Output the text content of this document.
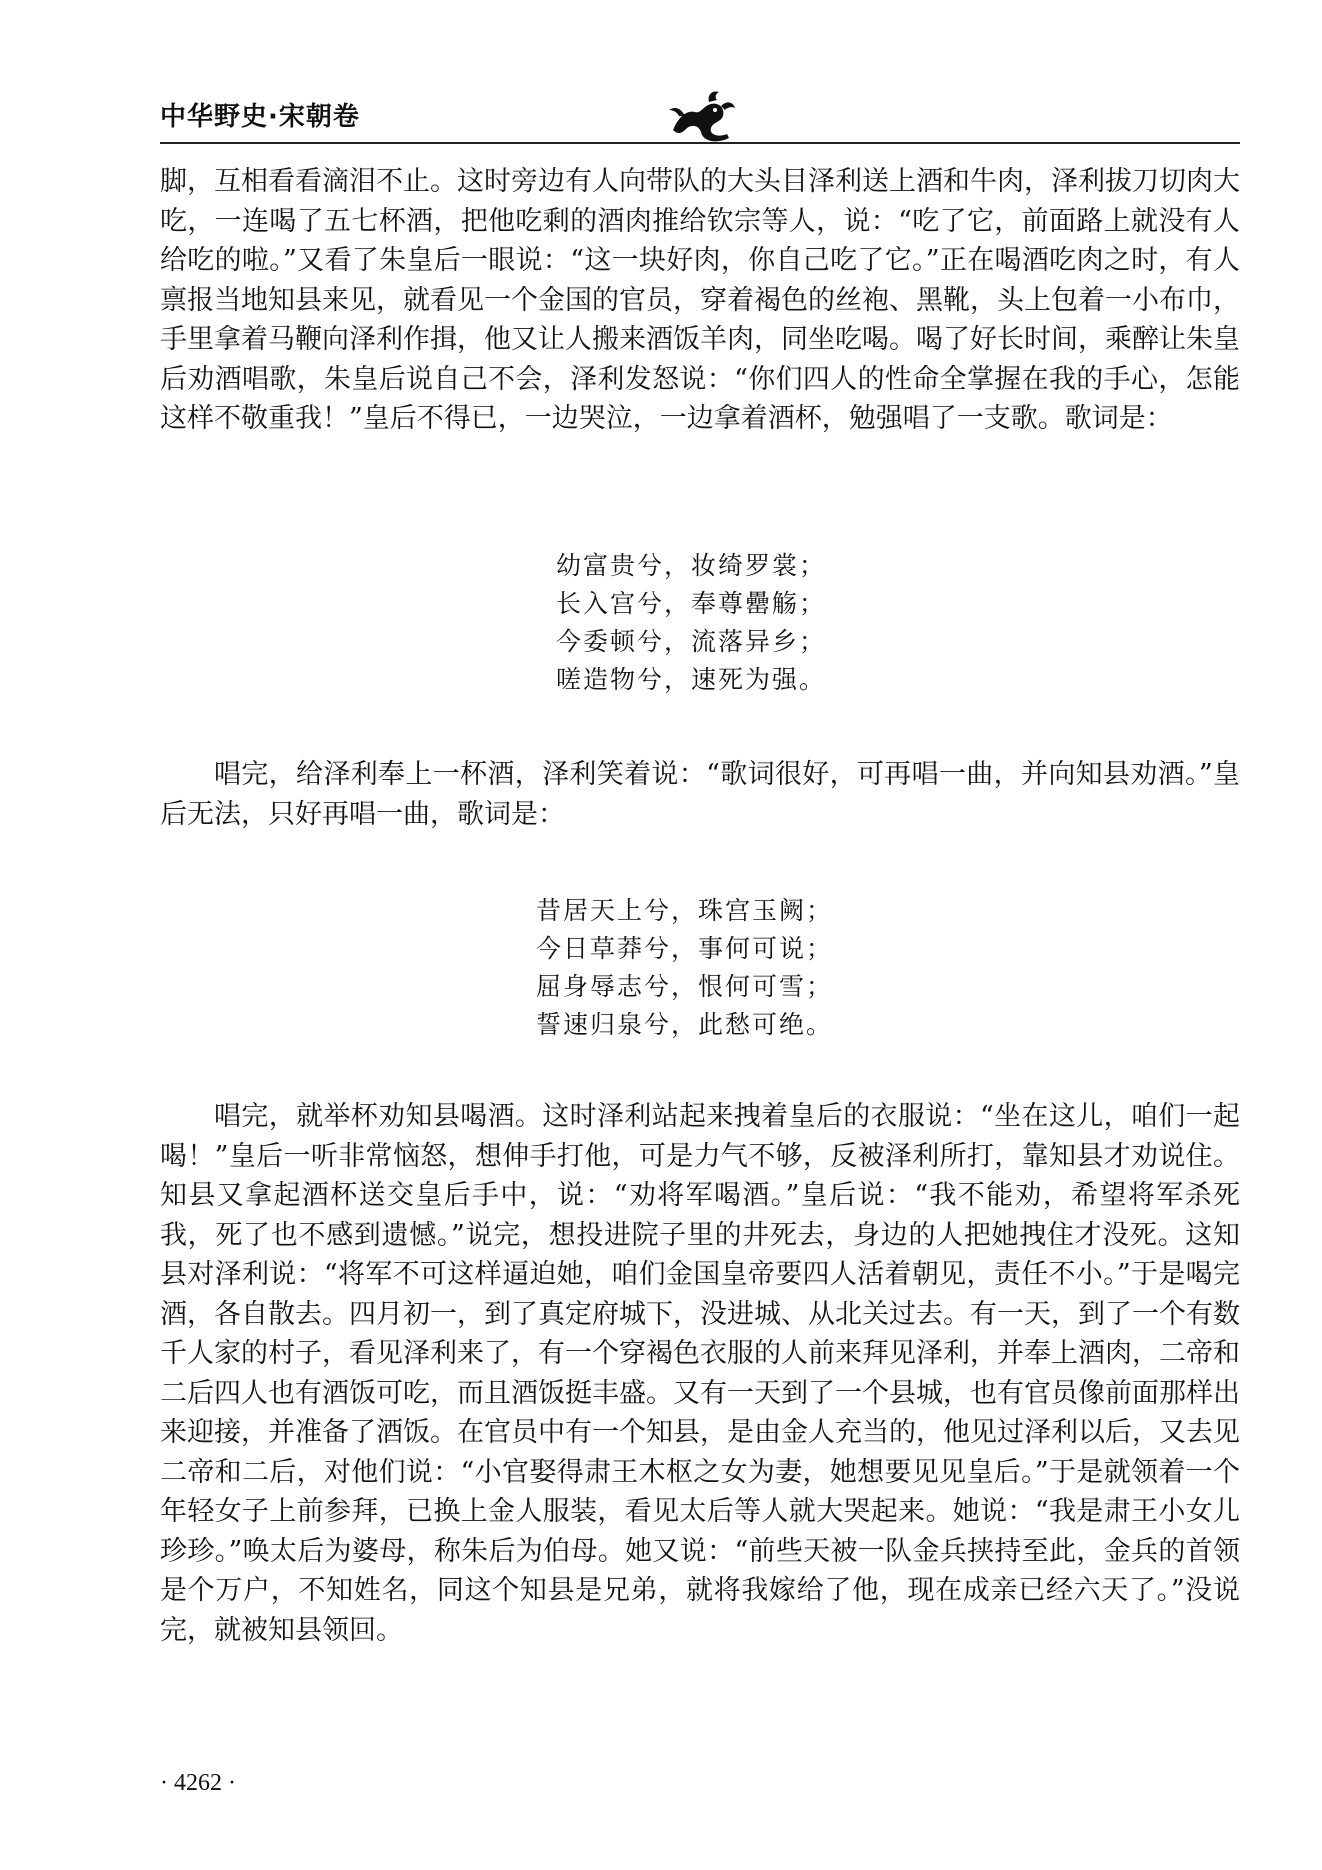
中华野史·宋朝卷

脚，互相看看滴泪不止。这时旁边有人向带队的大头目泽利送上酒和牛肉，泽利拔刀切肉大吃，一连喝了五七杯酒，把他吃剩的酒肉推给钦宗等人，说：“吃了它，前面路上就没有人给吃的啦。”又看了朱皇后一眼说：“这一块好肉，你自己吃了它。”正在喝酒吃肉之时，有人禀报当地知县来见，就看见一个金国的官员，穿着褐色的丝袍、黑靴，头上包着一小布巾，手里拿着马鞭向泽利作揖，他又让人搬来酒饭羊肉，同坐吃喝。喝了好长时间，乘醉让朱皇后劝酒唱歌，朱皇后说自己不会，泽利发怒说：“你们四人的性命全掌握在我的手心，怎能这样不敬重我！”皇后不得已，一边哭泣，一边拿着酒杯，勉强唱了一支歌。歌词是：

幼富贵兮，妆绮罗裳；
长入宫兮，奉尊罍觞；
今委顿兮，流落异乡；
嗟造物兮，速死为强。

唱完，给泽利奉上一杯酒，泽利笑着说：“歌词很好，可再唱一曲，并向知县劝酒。”皇后无法，只好再唱一曲，歌词是：

昔居天上兮，珠宫玉阙；
今日草莽兮，事何可说；
屈身辱志兮，恨何可雪；
誓速归泉兮，此愁可绝。

唱完，就举杯劝知县喝酒。这时泽利站起来拽着皇后的衣服说：“坐在这儿，咱们一起喝！”皇后一听非常恼怒，想伸手打他，可是力气不够，反被泽利所打，靠知县才劝说住。知县又拿起酒杯送交皇后手中，说：“劝将军喝酒。”皇后说：“我不能劝，希望将军杀死我，死了也不感到遗憾。”说完，想投进院子里的井死去，身边的人把她拽住才没死。这知县对泽利说：“将军不可这样逼迫她，咱们金国皇帝要四人活着朝见，责任不小。”于是喝完酒，各自散去。四月初一，到了真定府城下，没进城、从北关过去。有一天，到了一个有数千人家的村子，看见泽利来了，有一个穿褐色衣服的人前来拜见泽利，并奉上酒肉，二帝和二后四人也有酒饭可吃，而且酒饭挺丰盛。又有一天到了一个县城，也有官员像前面那样出来迎接，并准备了酒饭。在官员中有一个知县，是由金人充当的，他见过泽利以后，又去见二帝和二后，对他们说：“小官娶得肃王木枢之女为妻，她想要见见皇后。”于是就领着一个年轻女子上前参拜，已换上金人服装，看见太后等人就大哭起来。她说：“我是肃王小女儿珍珍。”唤太后为婆母，称朱后为伯母。她又说：“前些天被一队金兵挟持至此，金兵的首领是个万户，不知姓名，同这个知县是兄弟，就将我嫁给了他，现在成亲已经六天了。”没说完，就被知县领回。

· 4262 ·
